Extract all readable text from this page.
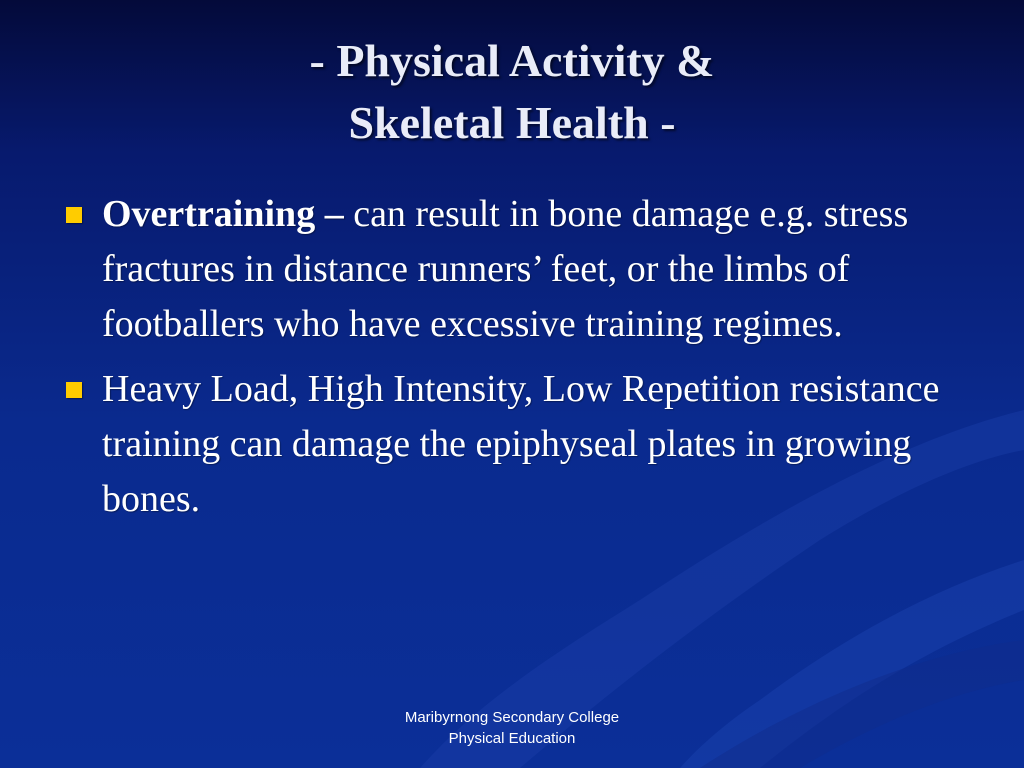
- Physical Activity &
Skeletal Health -
Overtraining – can result in bone damage e.g. stress fractures in distance runners’ feet, or the limbs of footballers who have excessive training regimes.
Heavy Load, High Intensity, Low Repetition resistance training can damage the epiphyseal plates in growing bones.
Maribyrnong Secondary College
Physical Education
